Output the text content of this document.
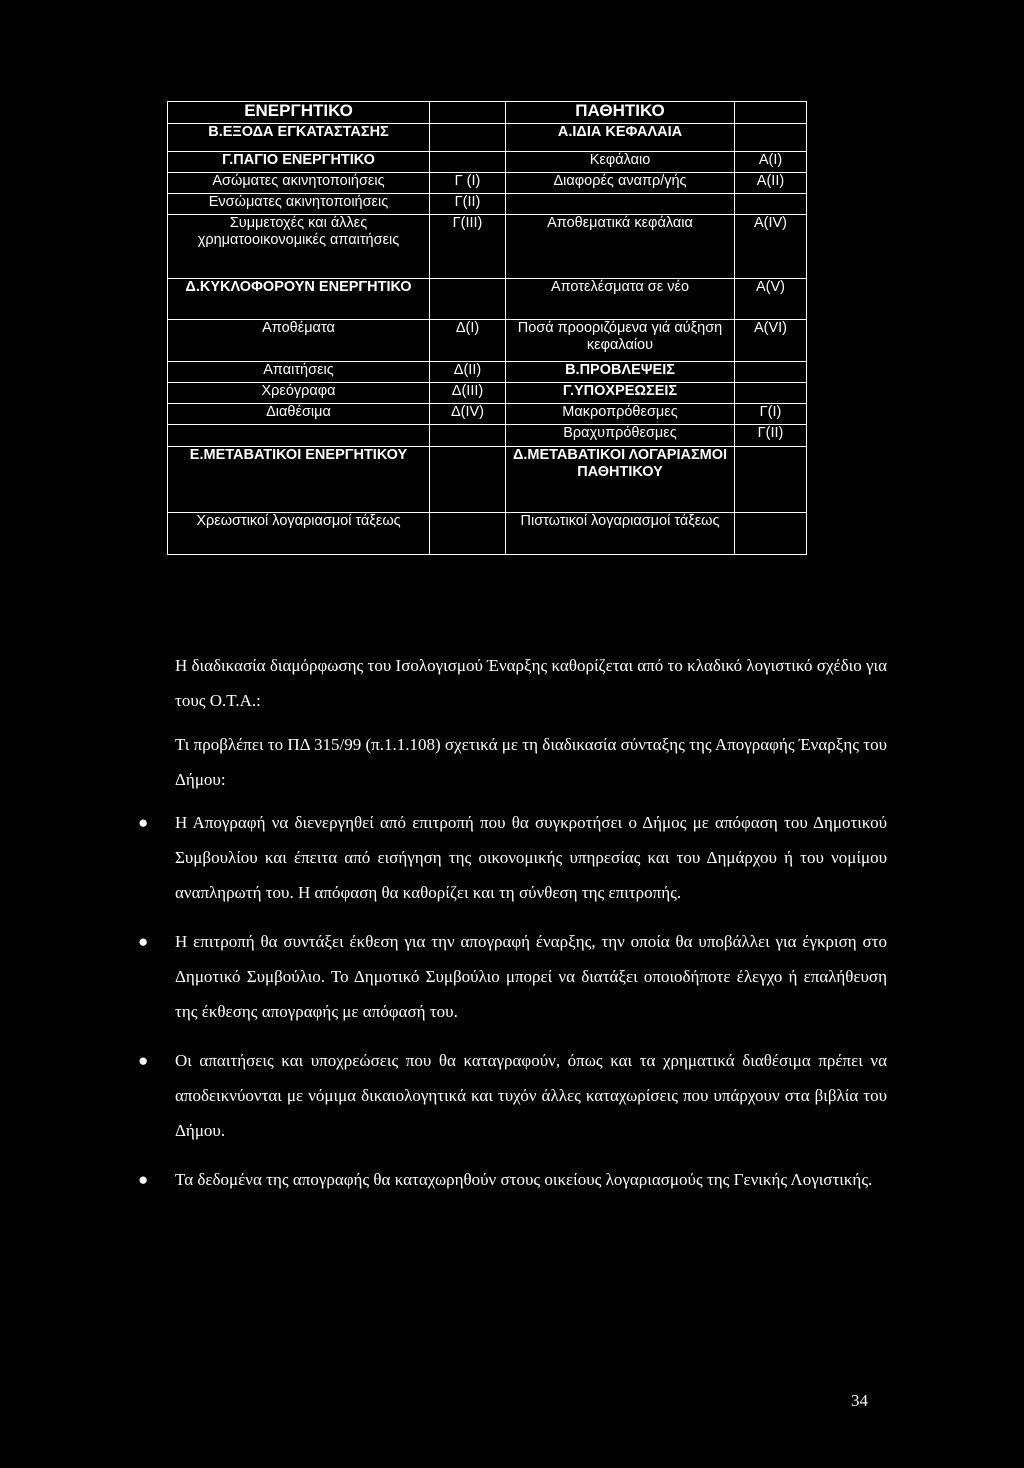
ΕΝΕΡΓΗΤΙΚΟ		ΠΑΘΗΤΙΚΟ	
Β.ΕΞΟΔΑ ΕΓΚΑΤΑΣΤΑΣΗΣ		Α.ΙΔΙΑ ΚΕΦΑΛΑΙΑ	
Γ.ΠΑΓΙΟ ΕΝΕΡΓΗΤΙΚΟ		Κεφάλαιο	Α(Ι)
Ασώματες ακινητοποιήσεις	Γ (Ι)	Διαφορές αναπρ/γής	Α(ΙΙ)
Ενσώματες ακινητοποιήσεις	Γ(ΙΙ)		
Συμμετοχές και άλλες χρηματοοικονομικές απαιτήσεις	Γ(ΙΙΙ)	Αποθεματικά κεφάλαια	Α(ΙV)
Δ.ΚΥΚΛΟΦΟΡΟΥΝ ΕΝΕΡΓΗΤΙΚΟ		Αποτελέσματα σε νέο	Α(V)
Αποθέματα	Δ(Ι)	Ποσά προοριζόμενα γιά αύξηση κεφαλαίου	Α(VΙ)
Απαιτήσεις	Δ(ΙΙ)	Β.ΠΡΟΒΛΕΨΕΙΣ	
Χρεόγραφα	Δ(ΙΙΙ)	Γ.ΥΠΟΧΡΕΩΣΕΙΣ	
Διαθέσιμα	Δ(ΙV)	Μακροπρόθεσμες	Γ(Ι)
		Βραχυπρόθεσμες	Γ(ΙΙ)
Ε.ΜΕΤΑΒΑΤΙΚΟΙ ΕΝΕΡΓΗΤΙΚΟΥ		Δ.ΜΕΤΑΒΑΤΙΚΟΙ ΛΟΓΑΡΙΑΣΜΟΙ ΠΑΘΗΤΙΚΟΥ	
Χρεωστικοί λογαριασμοί τάξεως		Πιστωτικοί λογαριασμοί τάξεως	
Η διαδικασία διαμόρφωσης του Ισολογισμού Έναρξης καθορίζεται από το κλαδικό λογιστικό σχέδιο για τους Ο.Τ.Α.:
Τι προβλέπει το ΠΔ 315/99 (π.1.1.108) σχετικά με τη διαδικασία σύνταξης της Απογραφής Έναρξης του Δήμου:
● Η Απογραφή να διενεργηθεί από επιτροπή που θα συγκροτήσει ο Δήμος με απόφαση του Δημοτικού Συμβουλίου και έπειτα από εισήγηση της οικονομικής υπηρεσίας και του Δημάρχου ή του νομίμου αναπληρωτή του. Η απόφαση θα καθορίζει και τη σύνθεση της επιτροπής.
● Η επιτροπή θα συντάξει έκθεση για την απογραφή έναρξης, την οποία θα υποβάλλει για έγκριση στο Δημοτικό Συμβούλιο. Το Δημοτικό Συμβούλιο μπορεί να διατάξει οποιοδήποτε έλεγχο ή επαλήθευση της έκθεσης απογραφής με απόφασή του.
● Οι απαιτήσεις και υποχρεώσεις που θα καταγραφούν, όπως και τα χρηματικά διαθέσιμα πρέπει να αποδεικνύονται με νόμιμα δικαιολογητικά και τυχόν άλλες καταχωρίσεις που υπάρχουν στα βιβλία του Δήμου.
● Τα δεδομένα της απογραφής θα καταχωρηθούν στους οικείους λογαριασμούς της Γενικής Λογιστικής.
34
